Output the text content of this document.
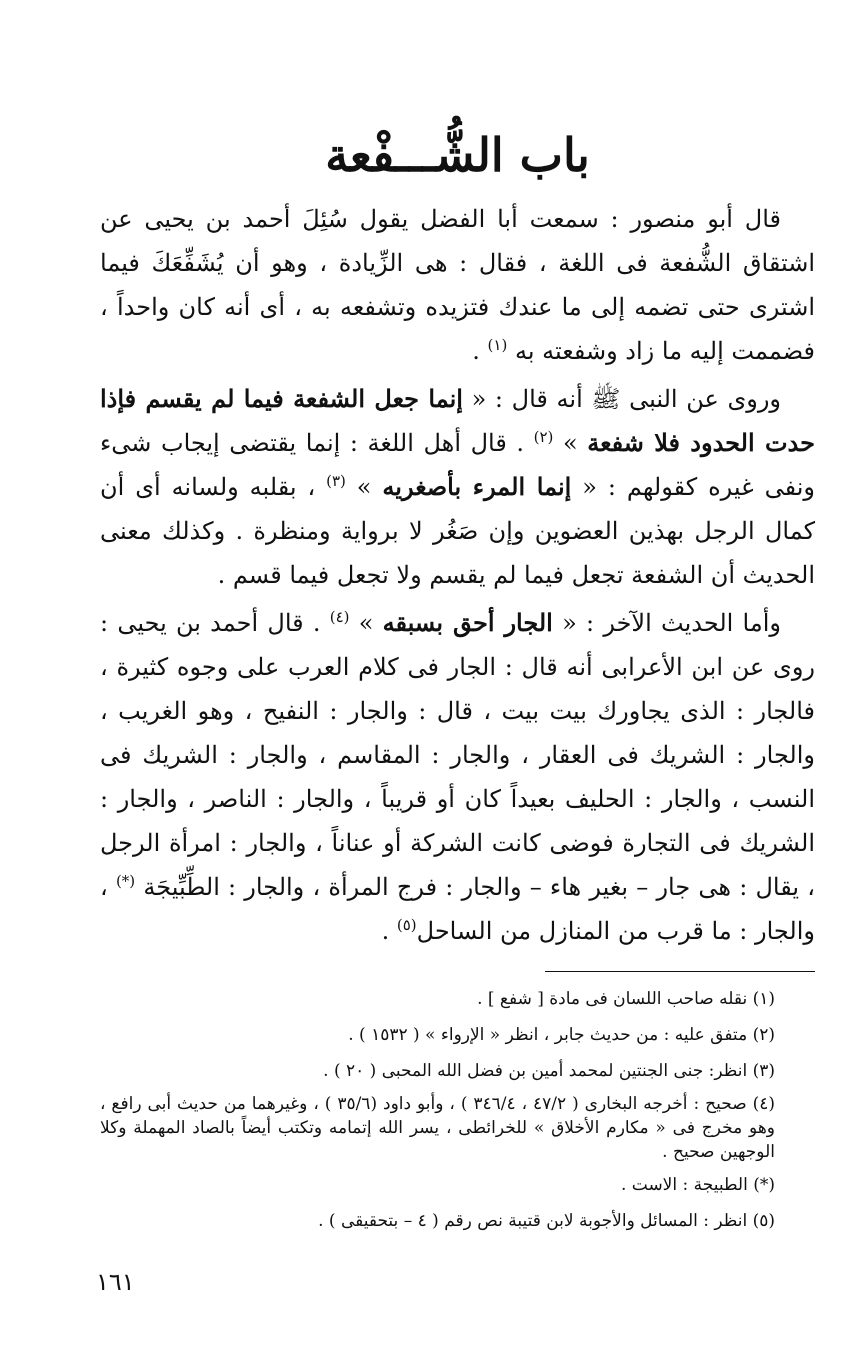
باب الشُّـــفْعة

قال أبو منصور : سمعت أبا الفضل يقول سُئِلَ أحمد بن يحيى عن اشتقاق الشُّفعة فى اللغة ، فقال : هى الزِّيادة ، وهو أن يُشَفِّعَكَ فيما اشترى حتى تضمه إلى ما عندك فتزيده وتشفعه به ، أى أنه كان واحداً ، فضممت إليه ما زاد وشفعته به $^{(١)}$ .

وروى عن النبى ﷺ أنه قال : « إنما جعل الشفعة فيما لم يقسم فإذا حدت الحدود فلا شفعة » $^{(٢)}$ . قال أهل اللغة : إنما يقتضى إيجاب شىء ونفى غيره كقولهم : « إنما المرء بأصغريه » $^{(٣)}$ ، بقلبه ولسانه أى أن كمال الرجل بهذين العضوين وإن صَغُر لا برواية ومنظرة . وكذلك معنى الحديث أن الشفعة تجعل فيما لم يقسم ولا تجعل فيما قسم .

وأما الحديث الآخر : « الجار أحق بسبقه » $^{(٤)}$ . قال أحمد بن يحيى : روى عن ابن الأعرابى أنه قال : الجار فى كلام العرب على وجوه كثيرة ، فالجار : الذى يجاورك بيت بيت ، قال : والجار : النفيح ، وهو الغريب ، والجار : الشريك فى العقار ، والجار : المقاسم ، والجار : الشريك فى النسب ، والجار : الحليف بعيداً كان أو قريباً ، والجار : الناصر ، والجار : الشريك فى التجارة فوضى كانت الشركة أو عناناً ، والجار : امرأة الرجل ، يقال : هى جار – بغير هاء – والجار : فرج المرأة ، والجار : الطِّبِّيجَة (*) ، والجار : ما قرب من المنازل من الساحل$^{(٥)}$ .

(١) نقله صاحب اللسان فى مادة [ شفع ] .

(٢) متفق عليه : من حديث جابر ، انظر « الإرواء » ( ١٥٣٢ ) .

(٣) انظر: جنى الجنتين لمحمد أمين بن فضل الله المحبى ( ٢٠ ) .

(٤) صحيح : أخرجه البخارى ( ٤٧/٢ ، ٣٤٦/٤ ) ، وأبو داود (٣٥/٦ ) ، وغيرهما من حديث أبى رافع ، وهو مخرج فى « مكارم الأخلاق » للخرائطى ، يسر الله إتمامه وتكتب أيضاً بالصاد المهملة وكلا الوجهين صحيح .

(*) الطبيجة : الاست .

(٥) انظر : المسائل والأجوبة لابن قتيبة نص رقم ( ٤ – بتحقيقى ) .

١٦١
